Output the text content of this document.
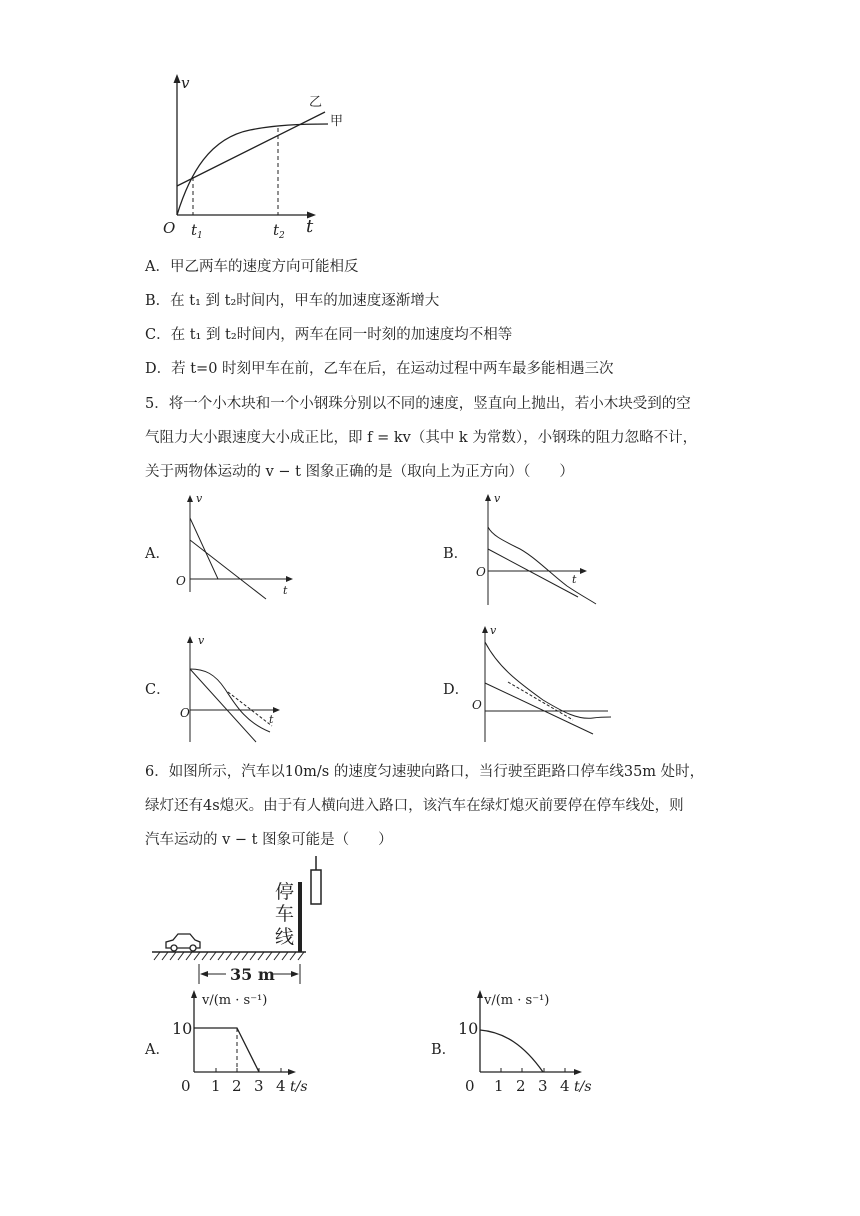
v
t
O
乙
甲
$t_1$	$t_2$
A．甲乙两车的速度方向可能相反
B．在 t₁ 到 t₂时间内，甲车的加速度逐渐增大
C．在 t₁ 到 t₂时间内，两车在同一时刻的加速度均不相等
D．若 t=0 时刻甲车在前，乙车在后，在运动过程中两车最多能相遇三次
5．将一个小木块和一个小钢珠分别以不同的速度，竖直向上抛出，若小木块受到的空
气阻力大小跟速度大小成正比，即 f = kv（其中 k 为常数），小钢珠的阻力忽略不计，
关于两物体运动的 v − t 图象正确的是（取向上为正方向）（　　）
A．
v
t
O
B．
v
t
O
C．
v
t
O
D．
v
O
6．如图所示，汽车以10m/s 的速度匀速驶向路口，当行驶至距路口停车线35m 处时，
绿灯还有4s熄灭。由于有人横向进入路口，该汽车在绿灯熄灭前要停在停车线处，则
汽车运动的 v − t 图象可能是（　　）
停
车
线
35 m
A．
v/(m · s⁻¹)
10
0 1 2 3 4 t/s
B．
v/(m · s⁻¹)
10
0 1 2 3 4 t/s
